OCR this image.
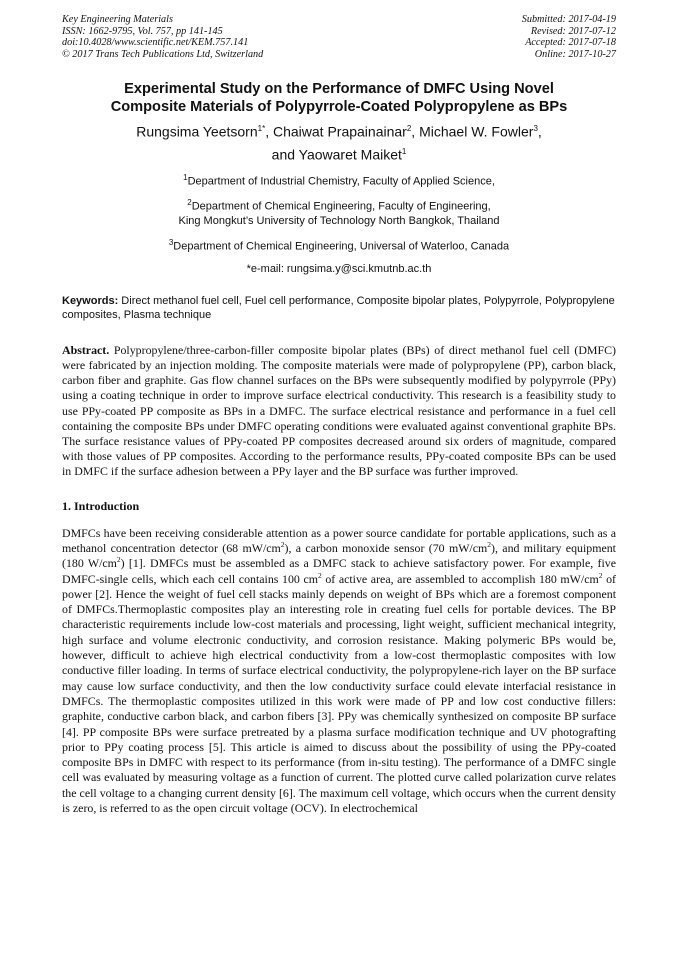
Key Engineering Materials
ISSN: 1662-9795, Vol. 757, pp 141-145
doi:10.4028/www.scientific.net/KEM.757.141
© 2017 Trans Tech Publications Ltd, Switzerland
Submitted: 2017-04-19
Revised: 2017-07-12
Accepted: 2017-07-18
Online: 2017-10-27
Experimental Study on the Performance of DMFC Using Novel
Composite Materials of Polypyrrole-Coated Polypropylene as BPs
Rungsima Yeetsorn$^{1*}$, Chaiwat Prapainainar$^2$, Michael W. Fowler$^3$,
and Yaowaret Maiket$^1$
$^1$Department of Industrial Chemistry, Faculty of Applied Science,
$^2$Department of Chemical Engineering, Faculty of Engineering,
King Mongkut’s University of Technology North Bangkok, Thailand
$^3$Department of Chemical Engineering, Universal of Waterloo, Canada
*e-mail: rungsima.y@sci.kmutnb.ac.th
Keywords: Direct methanol fuel cell, Fuel cell performance, Composite bipolar plates, Polypyrrole, Polypropylene composites, Plasma technique
Abstract. Polypropylene/three-carbon-filler composite bipolar plates (BPs) of direct methanol fuel cell (DMFC) were fabricated by an injection molding. The composite materials were made of polypropylene (PP), carbon black, carbon fiber and graphite. Gas flow channel surfaces on the BPs were subsequently modified by polypyrrole (PPy) using a coating technique in order to improve surface electrical conductivity. This research is a feasibility study to use PPy-coated PP composite as BPs in a DMFC. The surface electrical resistance and performance in a fuel cell containing the composite BPs under DMFC operating conditions were evaluated against conventional graphite BPs. The surface resistance values of PPy-coated PP composites decreased around six orders of magnitude, compared with those values of PP composites. According to the performance results, PPy-coated composite BPs can be used in DMFC if the surface adhesion between a PPy layer and the BP surface was further improved.
1. Introduction
DMFCs have been receiving considerable attention as a power source candidate for portable applications, such as a methanol concentration detector (68 $mW/cm^2$), a carbon monoxide sensor (70 $mW/cm^2$), and military equipment (180 $W/cm^2$) [1]. DMFCs must be assembled as a DMFC stack to achieve satisfactory power. For example, five DMFC-single cells, which each cell contains 100 $cm^2$ of active area, are assembled to accomplish 180 $mW/cm^2$ of power [2]. Hence the weight of fuel cell stacks mainly depends on weight of BPs which are a foremost component of DMFCs.Thermoplastic composites play an interesting role in creating fuel cells for portable devices. The BP characteristic requirements include low-cost materials and processing, light weight, sufficient mechanical integrity, high surface and volume electronic conductivity, and corrosion resistance. Making polymeric BPs would be, however, difficult to achieve high electrical conductivity from a low-cost thermoplastic composites with low conductive filler loading. In terms of surface electrical conductivity, the polypropylene-rich layer on the BP surface may cause low surface conductivity, and then the low conductivity surface could elevate interfacial resistance in DMFCs. The thermoplastic composites utilized in this work were made of PP and low cost conductive fillers: graphite, conductive carbon black, and carbon fibers [3]. PPy was chemically synthesized on composite BP surface [4]. PP composite BPs were surface pretreated by a plasma surface modification technique and UV photografting prior to PPy coating process [5]. This article is aimed to discuss about the possibility of using the PPy-coated composite BPs in DMFC with respect to its performance (from in-situ testing). The performance of a DMFC single cell was evaluated by measuring voltage as a function of current. The plotted curve called polarization curve relates the cell voltage to a changing current density [6]. The maximum cell voltage, which occurs when the current density is zero, is referred to as the open circuit voltage (OCV). In electrochemical
